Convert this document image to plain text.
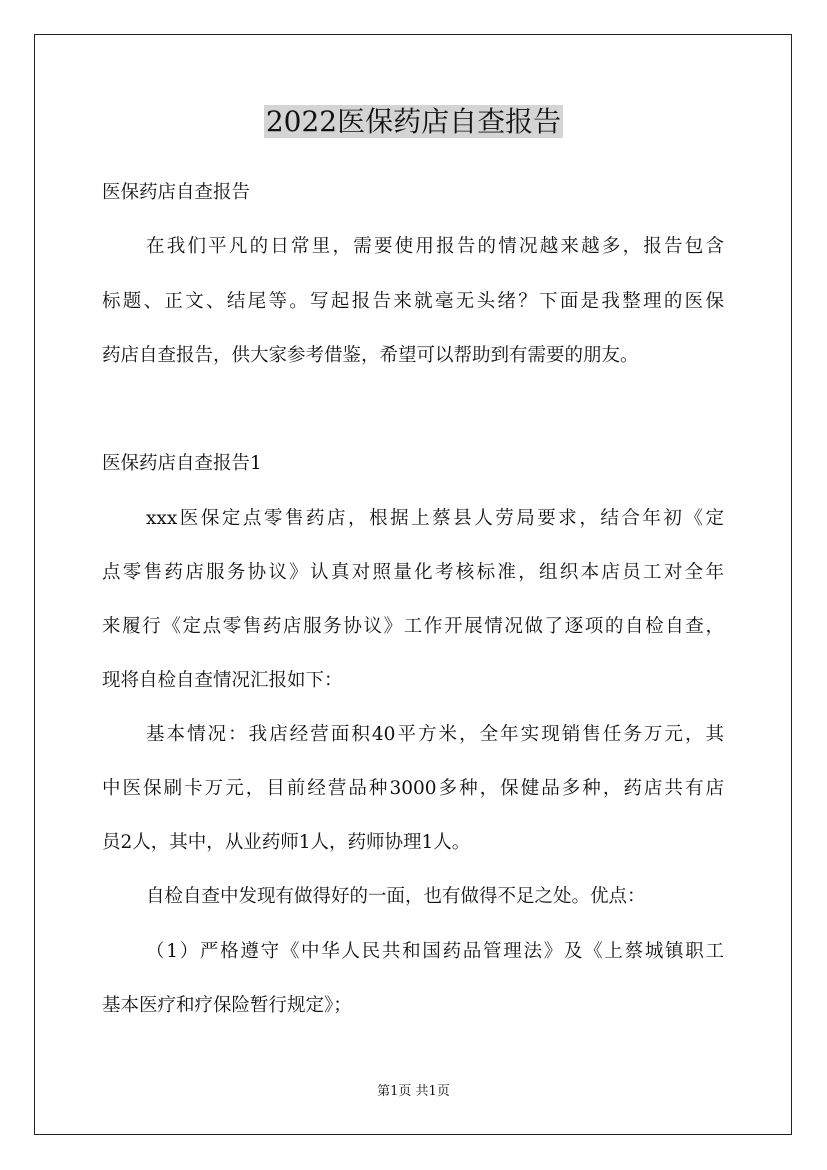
2022医保药店自查报告
医保药店自查报告
在我们平凡的日常里，需要使用报告的情况越来越多，报告包含
标题、正文、结尾等。写起报告来就毫无头绪？下面是我整理的医保
药店自查报告，供大家参考借鉴，希望可以帮助到有需要的朋友。
医保药店自查报告1
xxx医保定点零售药店，根据上蔡县人劳局要求，结合年初《定
点零售药店服务协议》认真对照量化考核标准，组织本店员工对全年
来履行《定点零售药店服务协议》工作开展情况做了逐项的自检自查，
现将自检自查情况汇报如下：
基本情况：我店经营面积40平方米，全年实现销售任务万元，其
中医保刷卡万元，目前经营品种3000多种，保健品多种，药店共有店
员2人，其中，从业药师1人，药师协理1人。
自检自查中发现有做得好的一面，也有做得不足之处。优点：
（1）严格遵守《中华人民共和国药品管理法》及《上蔡城镇职工
基本医疗和疗保险暂行规定》；
第1页 共1页
